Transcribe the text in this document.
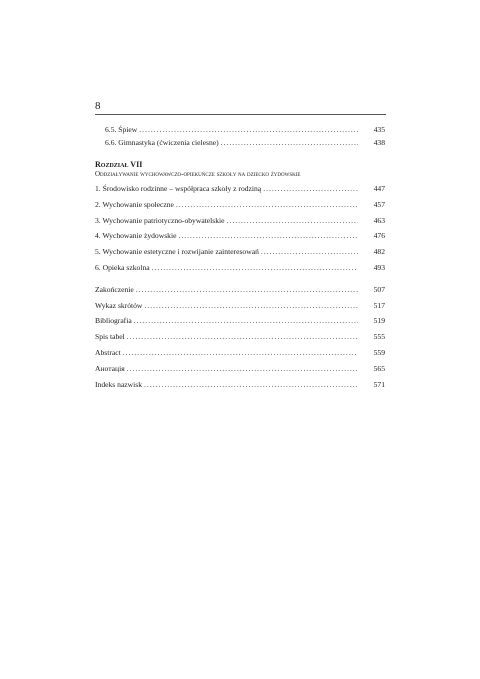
8
6.5. Śpiew .....	435
6.6. Gimnastyka (ćwiczenia cielesne) .....	438
Rozdział VII
Oddziaływanie wychowawczo-opiekuńcze szkoły na dziecko żydowskie
1. Środowisko rodzinne – współpraca szkoły z rodziną .....	447
2. Wychowanie społeczne .....	457
3. Wychowanie patriotyczno-obywatelskie .....	463
4. Wychowanie żydowskie .....	476
5. Wychowanie estetyczne i rozwijanie zainteresowań .....	482
6. Opieka szkolna .....	493
Zakończenie .....	507
Wykaz skrótów .....	517
Bibliografia .....	519
Spis tabel .....	555
Abstract .....	559
Анотація .....	565
Indeks nazwisk .....	571
